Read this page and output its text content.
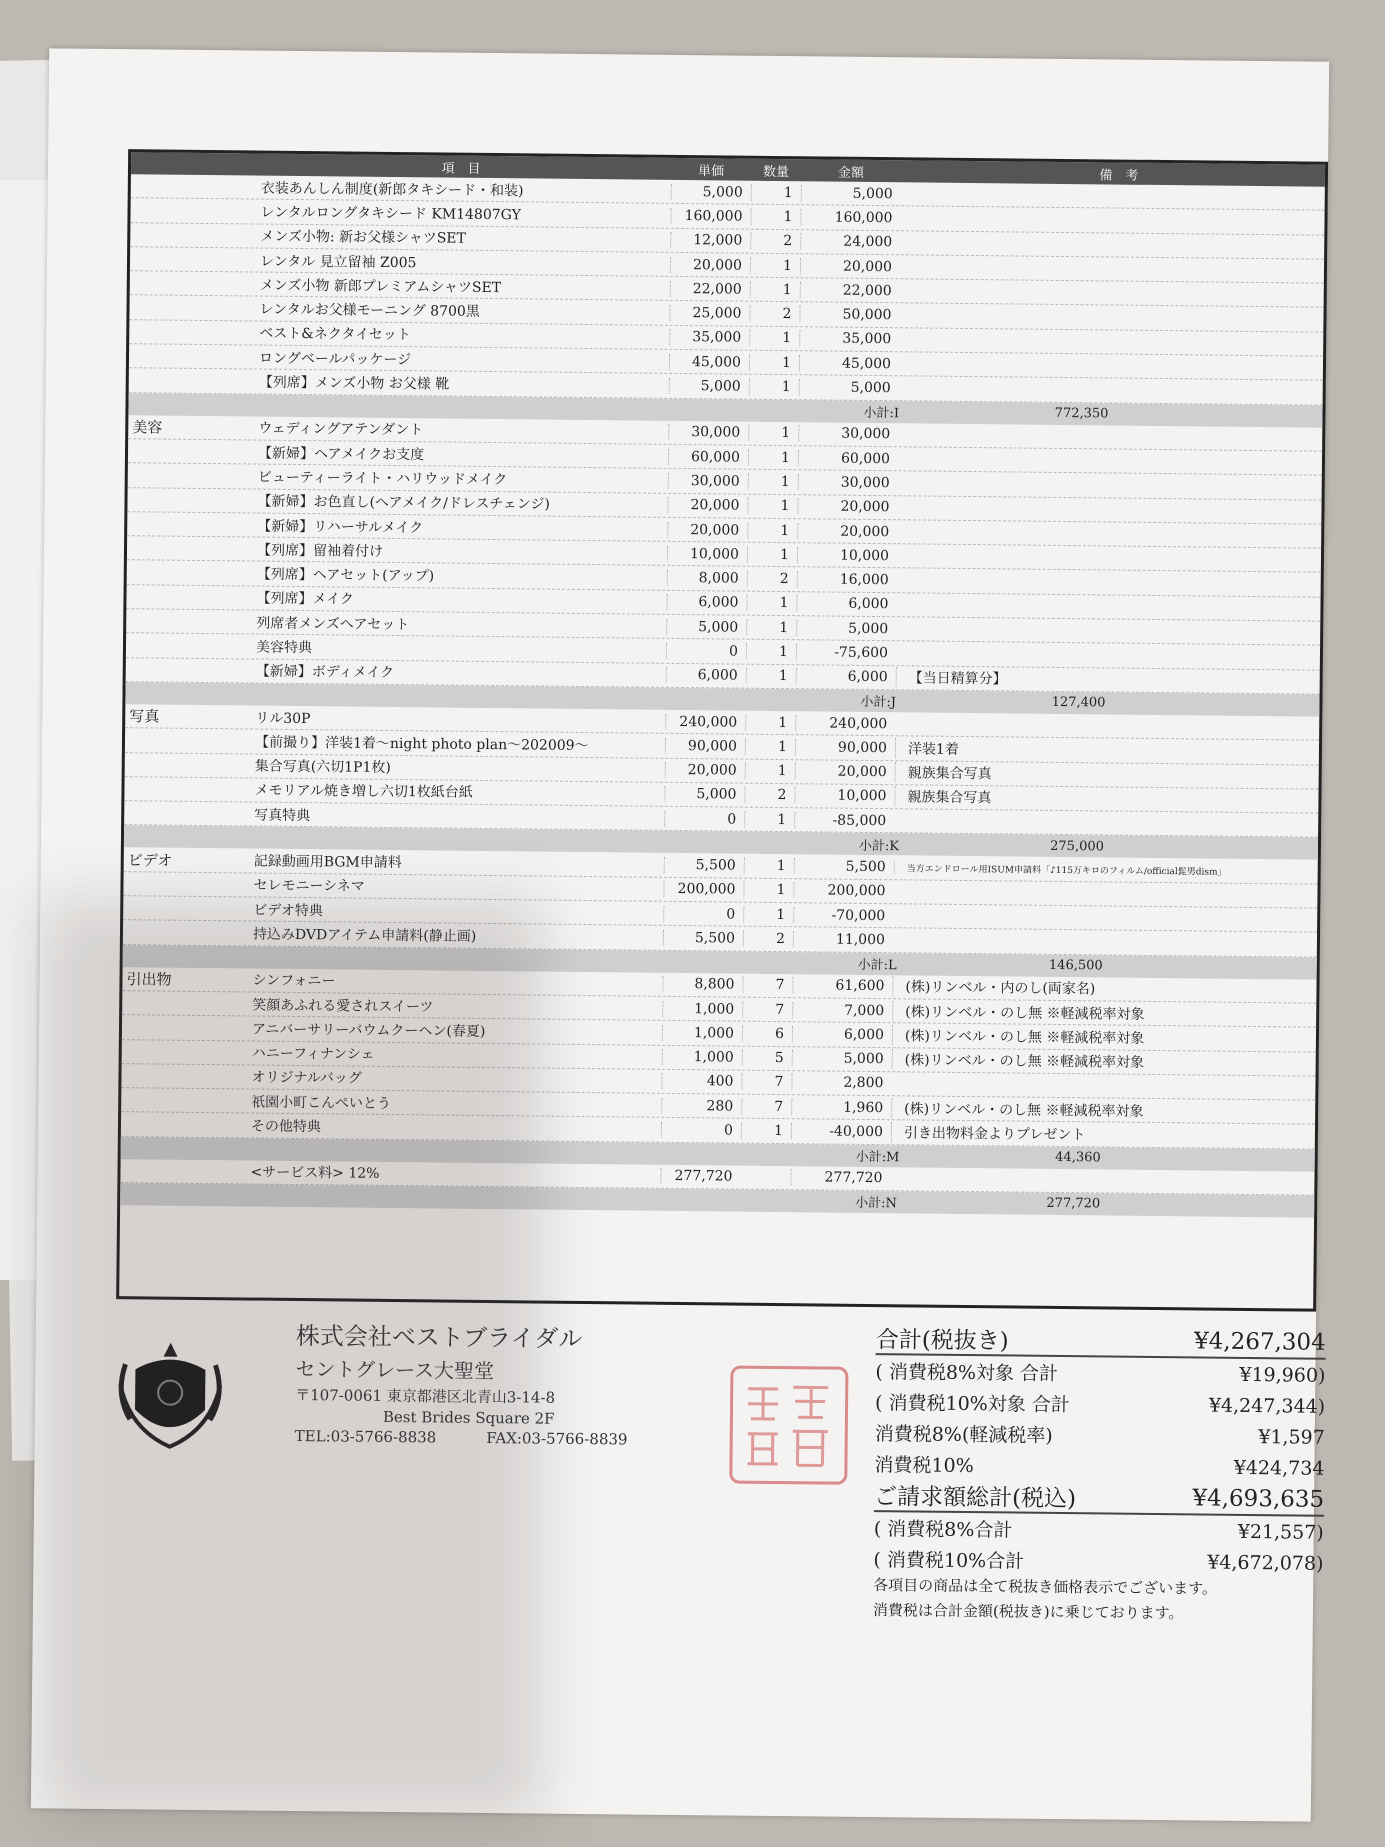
項　目	単価	数量	金額	備　考
衣装あんしん制度(新郎タキシード・和装)	5,000	1	5,000
レンタルロングタキシード KM14807GY	160,000	1	160,000
メンズ小物: 新お父様シャツSET	12,000	2	24,000
レンタル 見立留袖 Z005	20,000	1	20,000
メンズ小物 新郎プレミアムシャツSET	22,000	1	22,000
レンタルお父様モーニング 8700黒	25,000	2	50,000
ベスト&ネクタイセット	35,000	1	35,000
ロングベールパッケージ	45,000	1	45,000
【列席】メンズ小物 お父様 靴	5,000	1	5,000
小計:I	772,350
美容	ウェディングアテンダント	30,000	1	30,000
【新婦】ヘアメイクお支度	60,000	1	60,000
ビューティーライト・ハリウッドメイク	30,000	1	30,000
【新婦】お色直し(ヘアメイク/ドレスチェンジ)	20,000	1	20,000
【新婦】リハーサルメイク	20,000	1	20,000
【列席】留袖着付け	10,000	1	10,000
【列席】ヘアセット(アップ)	8,000	2	16,000
【列席】メイク	6,000	1	6,000
列席者メンズヘアセット	5,000	1	5,000
美容特典	0	1	-75,600
【新婦】ボディメイク	6,000	1	6,000	【当日精算分】
小計:J	127,400
写真	リル30P	240,000	1	240,000
【前撮り】洋装1着～night photo plan～202009～	90,000	1	90,000	洋装1着
集合写真(六切1P1枚)	20,000	1	20,000	親族集合写真
メモリアル焼き増し六切1枚紙台紙	5,000	2	10,000	親族集合写真
写真特典	0	1	-85,000
小計:K	275,000
ビデオ	記録動画用BGM申請料	5,500	1	5,500	当方エンドロール用ISUM申請料「♪115万キロのフィルム/official髭男dism」
セレモニーシネマ	200,000	1	200,000
ビデオ特典	0	1	-70,000
持込みDVDアイテム申請料(静止画)	5,500	2	11,000
小計:L	146,500
引出物	シンフォニー	8,800	7	61,600	(株)リンベル・内のし(両家名)
笑顔あふれる愛されスイーツ	1,000	7	7,000	(株)リンベル・のし無 ※軽減税率対象
アニバーサリーバウムクーヘン(春夏)	1,000	6	6,000	(株)リンベル・のし無 ※軽減税率対象
ハニーフィナンシェ	1,000	5	5,000	(株)リンベル・のし無 ※軽減税率対象
オリジナルバッグ	400	7	2,800
祇園小町こんぺいとう	280	7	1,960	(株)リンベル・のし無 ※軽減税率対象
その他特典	0	1	-40,000	引き出物料金よりプレゼント
小計:M	44,360
<サービス料> 12%	277,720	277,720
小計:N	277,720
株式会社ベストブライダル
セントグレース大聖堂
〒107-0061 東京都港区北青山3-14-8
Best Brides Square 2F
TEL:03-5766-8838	FAX:03-5766-8839
合計(税抜き)	¥4,267,304
( 消費税8%対象 合計	¥19,960)
( 消費税10%対象 合計	¥4,247,344)
消費税8%(軽減税率)	¥1,597
消費税10%	¥424,734
ご請求額総計(税込)	¥4,693,635
( 消費税8%合計	¥21,557)
( 消費税10%合計	¥4,672,078)
各項目の商品は全て税抜き価格表示でございます。
消費税は合計金額(税抜き)に乗じております。
